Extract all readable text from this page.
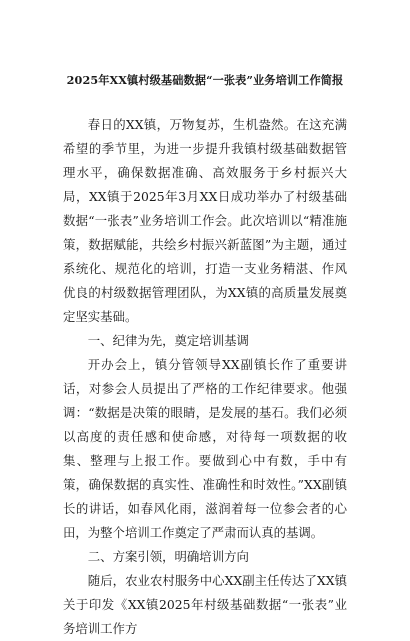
2025年XX镇村级基础数据“一张表”业务培训工作简报

春日的XX镇，万物复苏，生机盎然。在这充满希望的季节里，为进一步提升我镇村级基础数据管理水平，确保数据准确、高效服务于乡村振兴大局，XX镇于2025年3月XX日成功举办了村级基础数据“一张表”业务培训工作会。此次培训以“精准施策，数据赋能，共绘乡村振兴新蓝图”为主题，通过系统化、规范化的培训，打造一支业务精湛、作风优良的村级数据管理团队，为XX镇的高质量发展奠定坚实基础。

一、纪律为先，奠定培训基调

开办会上，镇分管领导XX副镇长作了重要讲话，对参会人员提出了严格的工作纪律要求。他强调：“数据是决策的眼睛，是发展的基石。我们必须以高度的责任感和使命感，对待每一项数据的收集、整理与上报工作。要做到心中有数，手中有策，确保数据的真实性、准确性和时效性。”XX副镇长的讲话，如春风化雨，滋润着每一位参会者的心田，为整个培训工作奠定了严肃而认真的基调。

二、方案引领，明确培训方向

随后，农业农村服务中心XX副主任传达了XX镇关于印发《XX镇2025年村级基础数据“一张表”业务培训工作方
